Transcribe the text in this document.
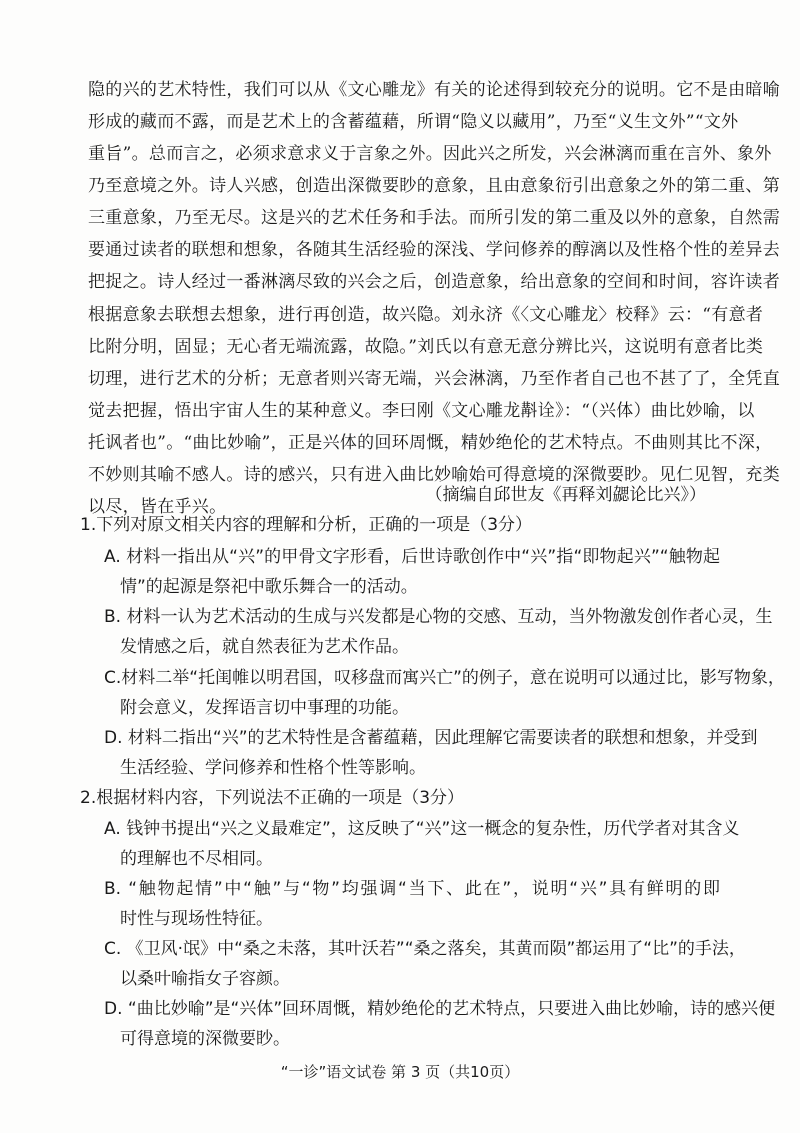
隐的兴的艺术特性，我们可以从《文心雕龙》有关的论述得到较充分的说明。它不是由暗喻
形成的藏而不露，而是艺术上的含蓄蕴藉，所谓“隐义以藏用”，乃至“义生文外”“文外
重旨”。总而言之，必须求意求义于言象之外。因此兴之所发，兴会淋漓而重在言外、象外
乃至意境之外。诗人兴感，创造出深微要眇的意象，且由意象衍引出意象之外的第二重、第
三重意象，乃至无尽。这是兴的艺术任务和手法。而所引发的第二重及以外的意象，自然需
要通过读者的联想和想象，各随其生活经验的深浅、学问修养的醇漓以及性格个性的差异去
把捉之。诗人经过一番淋漓尽致的兴会之后，创造意象，给出意象的空间和时间，容许读者
根据意象去联想去想象，进行再创造，故兴隐。刘永济《〈文心雕龙〉校释》云：“有意者
比附分明，固显；无心者无端流露，故隐。”刘氏以有意无意分辨比兴，这说明有意者比类
切理，进行艺术的分析；无意者则兴寄无端，兴会淋漓，乃至作者自己也不甚了了，全凭直
觉去把握，悟出宇宙人生的某种意义。李曰刚《文心雕龙斠诠》：“（兴体）曲比妙喻，以
托讽者也”。“曲比妙喻”，正是兴体的回环周慨，精妙绝伦的艺术特点。不曲则其比不深，
不妙则其喻不感人。诗的感兴，只有进入曲比妙喻始可得意境的深微要眇。见仁见智，充类
以尽，皆在乎兴。
（摘编自邱世友《再释刘勰论比兴》）
1.下列对原文相关内容的理解和分析，正确的一项是（3分）
A. 材料一指出从“兴”的甲骨文字形看，后世诗歌创作中“兴”指“即物起兴”“触物起
情”的起源是祭祀中歌乐舞合一的活动。
B. 材料一认为艺术活动的生成与兴发都是心物的交感、互动，当外物激发创作者心灵，生
发情感之后，就自然表征为艺术作品。
C.材料二举“托闺帷以明君国，叹移盘而寓兴亡”的例子，意在说明可以通过比，影写物象，
附会意义，发挥语言切中事理的功能。
D. 材料二指出“兴”的艺术特性是含蓄蕴藉，因此理解它需要读者的联想和想象，并受到
生活经验、学问修养和性格个性等影响。
2.根据材料内容，下列说法不正确的一项是（3分）
A. 钱钟书提出“兴之义最难定”，这反映了“兴”这一概念的复杂性，历代学者对其含义
的理解也不尽相同。
B. “触物起情”中“触”与“物”均强调“当下、此在”，说明“兴”具有鲜明的即
时性与现场性特征。
C. 《卫风·氓》中“桑之未落，其叶沃若”“桑之落矣，其黄而陨”都运用了“比”的手法，
以桑叶喻指女子容颜。
D. “曲比妙喻”是“兴体”回环周慨，精妙绝伦的艺术特点，只要进入曲比妙喻，诗的感兴便
可得意境的深微要眇。
“一诊”语文试卷 第 3 页（共10页）
